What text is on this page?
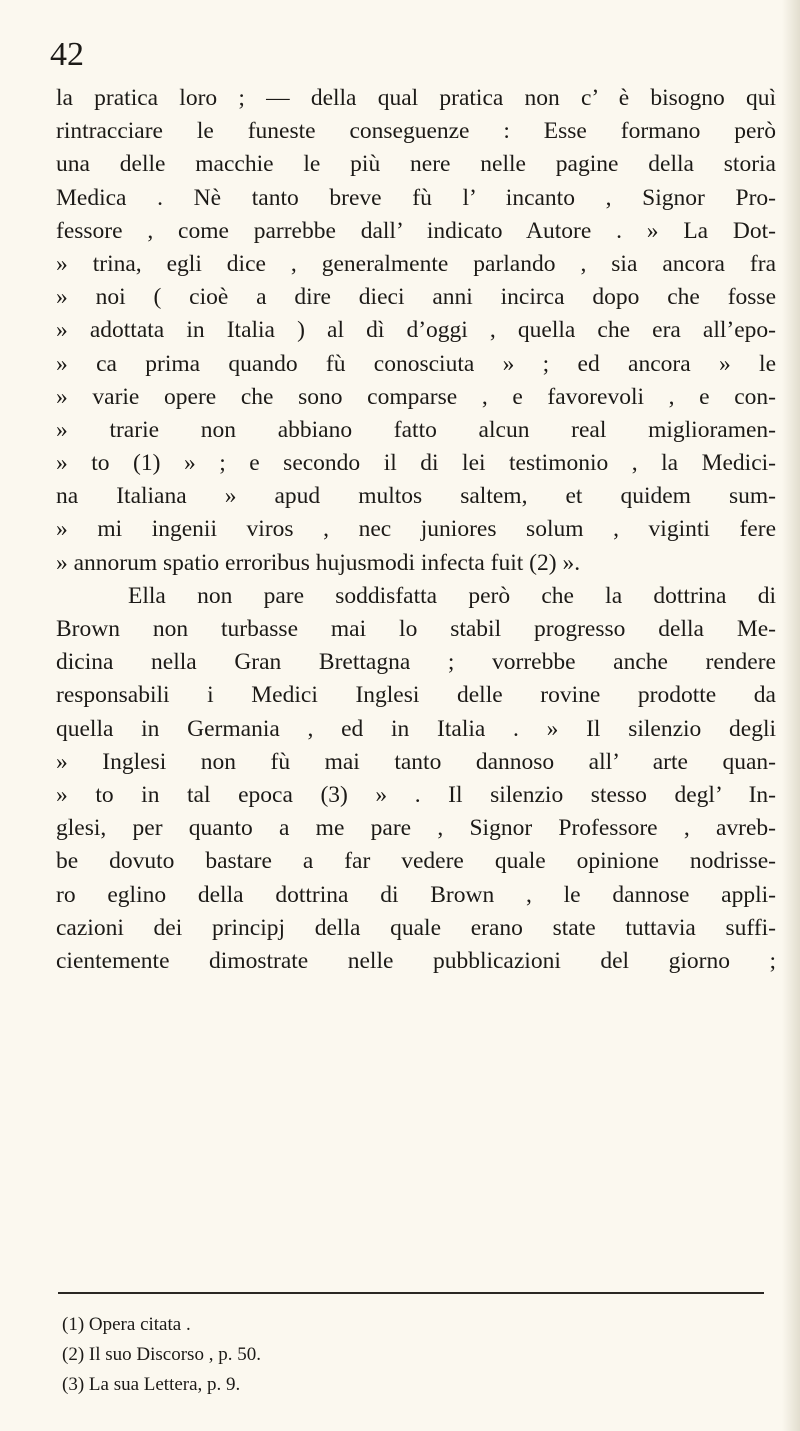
42
la pratica loro ; — della qual pratica non c’ è bisogno quì
rintracciare le funeste conseguenze : Esse formano però
una delle macchie le più nere nelle pagine della storia
Medica . Nè tanto breve fù l’ incanto , Signor Pro-
fessore , come parrebbe dall’ indicato Autore . » La Dot-
» trina, egli dice , generalmente parlando , sia ancora fra
» noi ( cioè a dire dieci anni incirca dopo che fosse
» adottata in Italia ) al dì d’oggi , quella che era all’epo-
» ca prima quando fù conosciuta » ; ed ancora » le
» varie opere che sono comparse , e favorevoli , e con-
» trarie non abbiano fatto alcun real miglioramen-
» to (1) » ; e secondo il di lei testimonio , la Medici-
na Italiana » apud multos saltem, et quidem sum-
» mi ingenii viros , nec juniores solum , viginti fere
» annorum spatio erroribus hujusmodi infecta fuit (2) ».
Ella non pare soddisfatta però che la dottrina di
Brown non turbasse mai lo stabil progresso della Me-
dicina nella Gran Brettagna ; vorrebbe anche rendere
responsabili i Medici Inglesi delle rovine prodotte da
quella in Germania , ed in Italia . » Il silenzio degli
» Inglesi non fù mai tanto dannoso all’ arte quan-
» to in tal epoca (3) » . Il silenzio stesso degl’ In-
glesi, per quanto a me pare , Signor Professore , avreb-
be dovuto bastare a far vedere quale opinione nodrisse-
ro eglino della dottrina di Brown , le dannose appli-
cazioni dei principj della quale erano state tuttavia suffi-
cientemente dimostrate nelle pubblicazioni del giorno ;
(1) Opera citata .
(2) Il suo Discorso , p. 50.
(3) La sua Lettera, p. 9.
